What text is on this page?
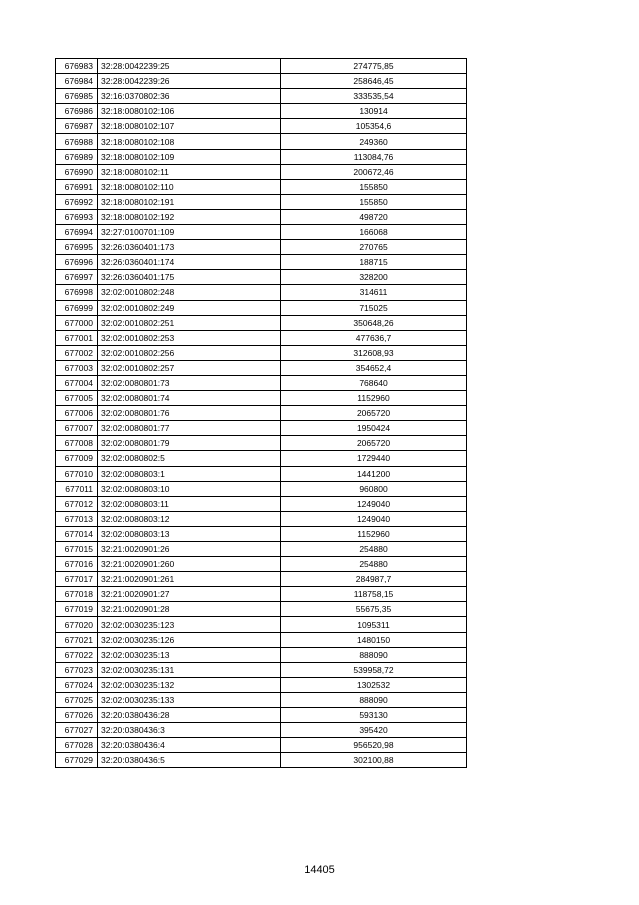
676983	32:28:0042239:25	274775,85
676984	32:28:0042239:26	258646,45
676985	32:16:0370802:36	333535,54
676986	32:18:0080102:106	130914
676987	32:18:0080102:107	105354,6
676988	32:18:0080102:108	249360
676989	32:18:0080102:109	113084,76
676990	32:18:0080102:11	200672,46
676991	32:18:0080102:110	155850
676992	32:18:0080102:191	155850
676993	32:18:0080102:192	498720
676994	32:27:0100701:109	166068
676995	32:26:0360401:173	270765
676996	32:26:0360401:174	188715
676997	32:26:0360401:175	328200
676998	32:02:0010802:248	314611
676999	32:02:0010802:249	715025
677000	32:02:0010802:251	350648,26
677001	32:02:0010802:253	477636,7
677002	32:02:0010802:256	312608,93
677003	32:02:0010802:257	354652,4
677004	32:02:0080801:73	768640
677005	32:02:0080801:74	1152960
677006	32:02:0080801:76	2065720
677007	32:02:0080801:77	1950424
677008	32:02:0080801:79	2065720
677009	32:02:0080802:5	1729440
677010	32:02:0080803:1	1441200
677011	32:02:0080803:10	960800
677012	32:02:0080803:11	1249040
677013	32:02:0080803:12	1249040
677014	32:02:0080803:13	1152960
677015	32:21:0020901:26	254880
677016	32:21:0020901:260	254880
677017	32:21:0020901:261	284987,7
677018	32:21:0020901:27	118758,15
677019	32:21:0020901:28	55675,35
677020	32:02:0030235:123	1095311
677021	32:02:0030235:126	1480150
677022	32:02:0030235:13	888090
677023	32:02:0030235:131	539958,72
677024	32:02:0030235:132	1302532
677025	32:02:0030235:133	888090
677026	32:20:0380436:28	593130
677027	32:20:0380436:3	395420
677028	32:20:0380436:4	956520,98
677029	32:20:0380436:5	302100,88
14405
